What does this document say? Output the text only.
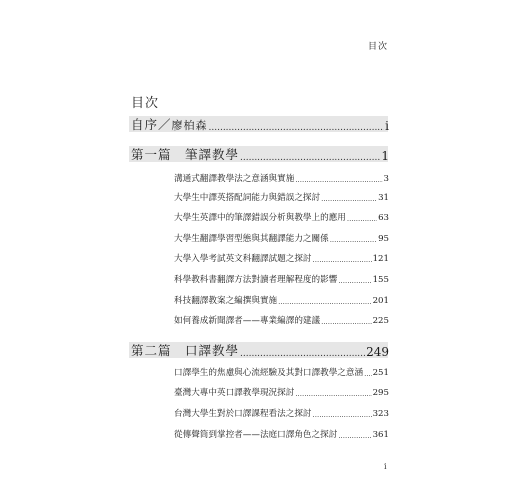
目次
目次
自序／廖柏森 .....	i
第一篇　筆譯教學 .....	1
溝通式翻譯教學法之意涵與實施 .....	3
大學生中譯英搭配詞能力與錯誤之探討 .....	31
大學生英譯中的筆譯錯誤分析與教學上的應用 .....	63
大學生翻譯學習型態與其翻譯能力之關係 .....	95
大學入學考試英文科翻譯試題之探討 .....	121
科學教科書翻譯方法對讀者理解程度的影響 .....	155
科技翻譯教案之編撰與實施 .....	201
如何養成新聞譯者——專業編譯的建議 .....	225
第二篇　口譯教學 .....	249
口譯學生的焦慮與心流經驗及其對口譯教學之意涵 ..... 251
臺灣大專中英口譯教學現況探討 .....	295
台灣大學生對於口譯課程看法之探討 .....	323
從傳聲筒到掌控者——法庭口譯角色之探討 .....	361
i
